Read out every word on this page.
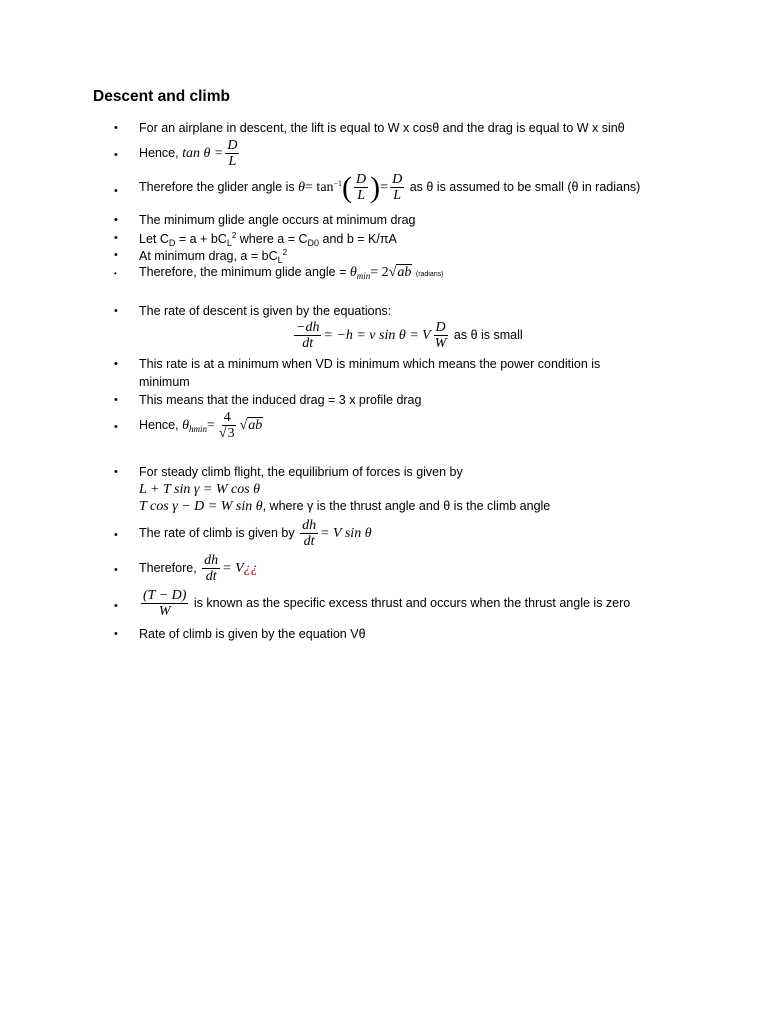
Descent and climb
•	For an airplane in descent, the lift is equal to W x cosθ and the drag is equal to W x sinθ
•	Hence, $\tan \theta = \frac{D}{L}$
•	Therefore the glider angle is $\theta= \tan^{-1}( \frac{D}{L}$ )= $\frac{D}{L}$ as θ is assumed to be small (θ in radians)
•	The minimum glide angle occurs at minimum drag
•	Let $C_D = a + bC_L^2$ where $a = C_{D0}$ and b = K/πA
•	At minimum drag, $a = bC_L^2$
•	Therefore, the minimum glide angle = $\theta_{min}= 2√ab$ (radians)
•	The rate of descent is given by the equations:
$\frac{-dh}{dt} = -h = v$ sin θ = V $\frac{D}{W}$ as θ is small
•	This rate is at a minimum when VD is minimum which means the power condition is
minimum
•	This means that the induced drag = 3 x profile drag
•	Hence, $\theta_{hmin}= \frac{4}{√3} √ab$
•	For steady climb flight, the equilibrium of forces is given by
L + T sin γ = W cos θ
T cos γ − D = W sin θ, where γ is the thrust angle and θ is the climb angle
•	The rate of climb is given by $\frac{dh}{dt} = V$ sin θ
•	Therefore, $\frac{dh}{dt}$ = V¿¿
•	$\frac{(T - D)}{W}$ is known as the specific excess thrust and occurs when the thrust angle is zero
•	Rate of climb is given by the equation Vθ
